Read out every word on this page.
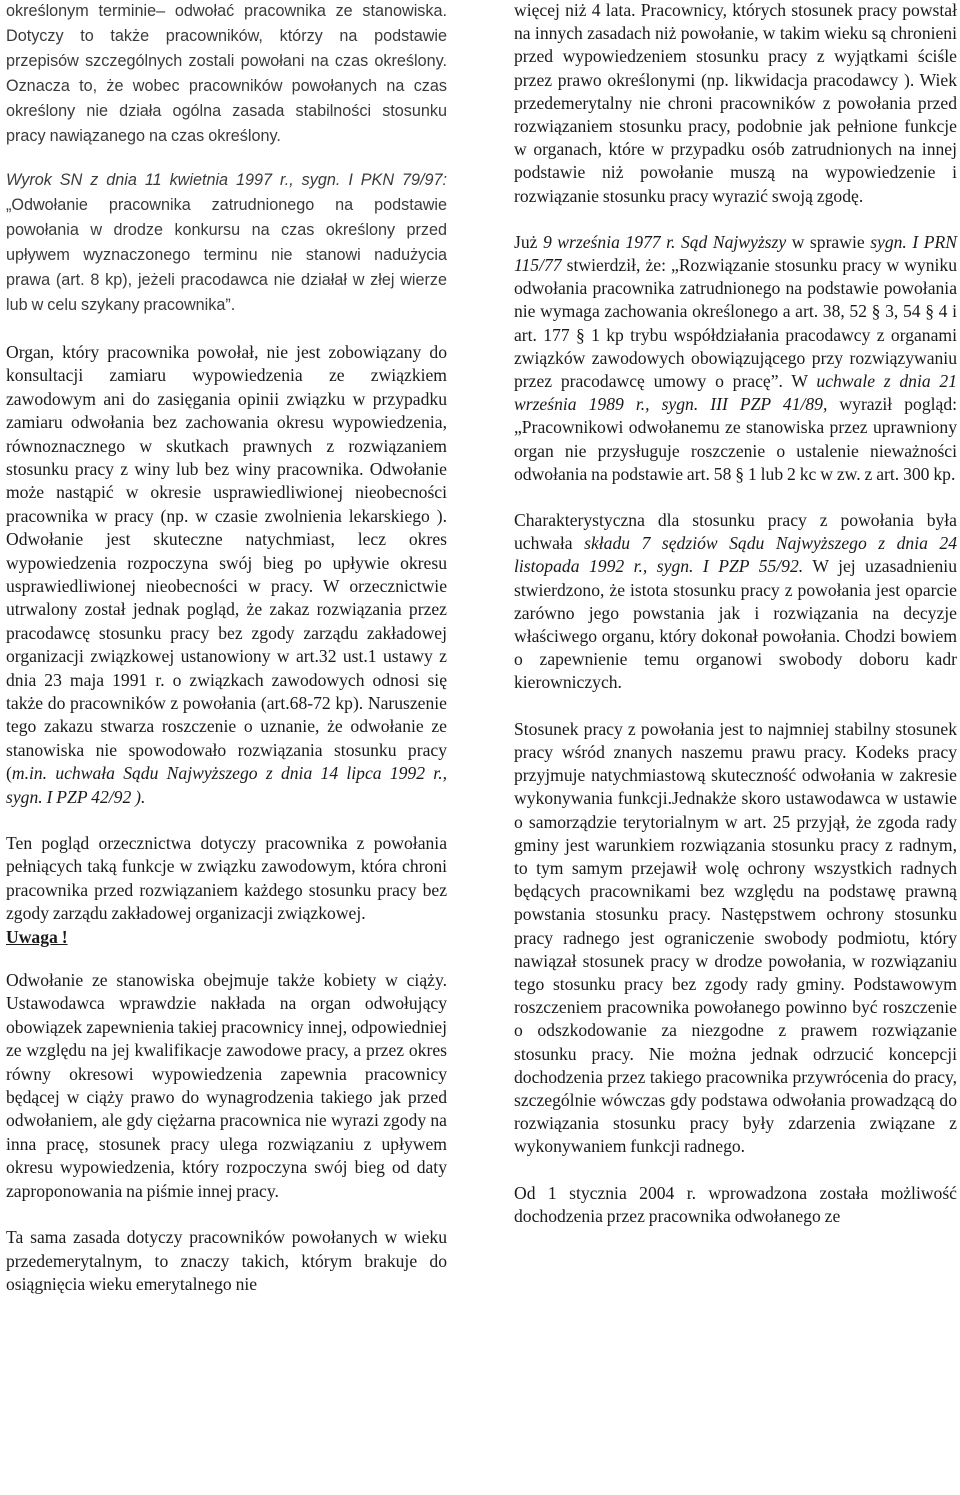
określonym terminie– odwołać pracownika ze stanowiska. Dotyczy to także pracowników, którzy na podstawie przepisów szczególnych zostali powołani na czas określony. Oznacza to, że wobec pracowników powołanych na czas określony nie działa ogólna zasada stabilności stosunku pracy nawiązanego na czas określony.

Wyrok SN z dnia 11 kwietnia 1997 r., sygn. I PKN 79/97: „Odwołanie pracownika zatrudnionego na podstawie powołania w drodze konkursu na czas określony przed upływem wyznaczonego terminu nie stanowi nadużycia prawa (art. 8 kp), jeżeli pracodawca nie działał w złej wierze lub w celu szykany pracownika”.

Organ, który pracownika powołał, nie jest zobowiązany do konsultacji zamiaru wypowiedzenia ze związkiem zawodowym ani do zasięgania opinii związku w przypadku zamiaru odwołania bez zachowania okresu wypowiedzenia, równoznacznego w skutkach prawnych z rozwiązaniem stosunku pracy z winy lub bez winy pracownika. Odwołanie może nastąpić w okresie usprawiedliwionej nieobecności pracownika w pracy (np. w czasie zwolnienia lekarskiego ). Odwołanie jest skuteczne natychmiast, lecz okres wypowiedzenia rozpoczyna swój bieg po upływie okresu usprawiedliwionej nieobecności w pracy. W orzecznictwie utrwalony został jednak pogląd, że zakaz rozwiązania przez pracodawcę stosunku pracy bez zgody zarządu zakładowej organizacji związkowej ustanowiony w art.32 ust.1 ustawy z dnia 23 maja 1991 r. o związkach zawodowych odnosi się także do pracowników z powołania (art.68-72 kp). Naruszenie tego zakazu stwarza roszczenie o uznanie, że odwołanie ze stanowiska nie spowodowało rozwiązania stosunku pracy (m.in. uchwała Sądu Najwyższego z dnia 14 lipca 1992 r., sygn. I PZP 42/92 ).

Ten pogląd orzecznictwa dotyczy pracownika z powołania pełniących taką funkcje w związku zawodowym, która chroni pracownika przed rozwiązaniem każdego stosunku pracy bez zgody zarządu zakładowej organizacji związkowej.

Uwaga !

Odwołanie ze stanowiska obejmuje także kobiety w ciąży. Ustawodawca wprawdzie nakłada na organ odwołujący obowiązek zapewnienia takiej pracownicy innej, odpowiedniej ze względu na jej kwalifikacje zawodowe pracy, a przez okres równy okresowi wypowiedzenia zapewnia pracownicy będącej w ciąży prawo do wynagrodzenia takiego jak przed odwołaniem, ale gdy ciężarna pracownica nie wyrazi zgody na inna pracę, stosunek pracy ulega rozwiązaniu z upływem okresu wypowiedzenia, który rozpoczyna swój bieg od daty zaproponowania na piśmie innej pracy.

Ta sama zasada dotyczy pracowników powołanych w wieku przedemerytalnym, to znaczy takich, którym brakuje do osiągnięcia wieku emerytalnego nie

więcej niż 4 lata. Pracownicy, których stosunek pracy powstał na innych zasadach niż powołanie, w takim wieku są chronieni przed wypowiedzeniem stosunku pracy z wyjątkami ściśle przez prawo określonymi (np. likwidacja pracodawcy ). Wiek przedemerytalny nie chroni pracowników z powołania przed rozwiązaniem stosunku pracy, podobnie jak pełnione funkcje w organach, które w przypadku osób zatrudnionych na innej podstawie niż powołanie muszą na wypowiedzenie i rozwiązanie stosunku pracy wyrazić swoją zgodę.

Już 9 września 1977 r. Sąd Najwyższy w sprawie sygn. I PRN 115/77 stwierdził, że: „Rozwiązanie stosunku pracy w wyniku odwołania pracownika zatrudnionego na podstawie powołania nie wymaga zachowania określonego a art. 38, 52 § 3, 54 § 4 i art. 177 § 1 kp trybu współdziałania pracodawcy z organami związków zawodowych obowiązującego przy rozwiązywaniu przez pracodawcę umowy o pracę”. W uchwale z dnia 21 września 1989 r., sygn. III PZP 41/89, wyraził pogląd: „Pracownikowi odwołanemu ze stanowiska przez uprawniony organ nie przysługuje roszczenie o ustalenie nieważności odwołania na podstawie art. 58 § 1 lub 2 kc w zw. z art. 300 kp.

Charakterystyczna dla stosunku pracy z powołania była uchwała składu 7 sędziów Sądu Najwyższego z dnia 24 listopada 1992 r., sygn. I PZP 55/92. W jej uzasadnieniu stwierdzono, że istota stosunku pracy z powołania jest oparcie zarówno jego powstania jak i rozwiązania na decyzje właściwego organu, który dokonał powołania. Chodzi bowiem o zapewnienie temu organowi swobody doboru kadr kierowniczych.

Stosunek pracy z powołania jest to najmniej stabilny stosunek pracy wśród znanych naszemu prawu pracy. Kodeks pracy przyjmuje natychmiastową skuteczność odwołania w zakresie wykonywania funkcji.Jednakże skoro ustawodawca w ustawie o samorządzie terytorialnym w art. 25 przyjął, że zgoda rady gminy jest warunkiem rozwiązania stosunku pracy z radnym, to tym samym przejawił wolę ochrony wszystkich radnych będących pracownikami bez względu na podstawę prawną powstania stosunku pracy. Następstwem ochrony stosunku pracy radnego jest ograniczenie swobody podmiotu, który nawiązał stosunek pracy w drodze powołania, w rozwiązaniu tego stosunku pracy bez zgody rady gminy. Podstawowym roszczeniem pracownika powołanego powinno być roszczenie o odszkodowanie za niezgodne z prawem rozwiązanie stosunku pracy. Nie można jednak odrzucić koncepcji dochodzenia przez takiego pracownika przywrócenia do pracy, szczególnie wówczas gdy podstawa odwołania prowadzącą do rozwiązania stosunku pracy były zdarzenia związane z wykonywaniem funkcji radnego.

Od 1 stycznia 2004 r. wprowadzona została możliwość dochodzenia przez pracownika odwołanego ze
